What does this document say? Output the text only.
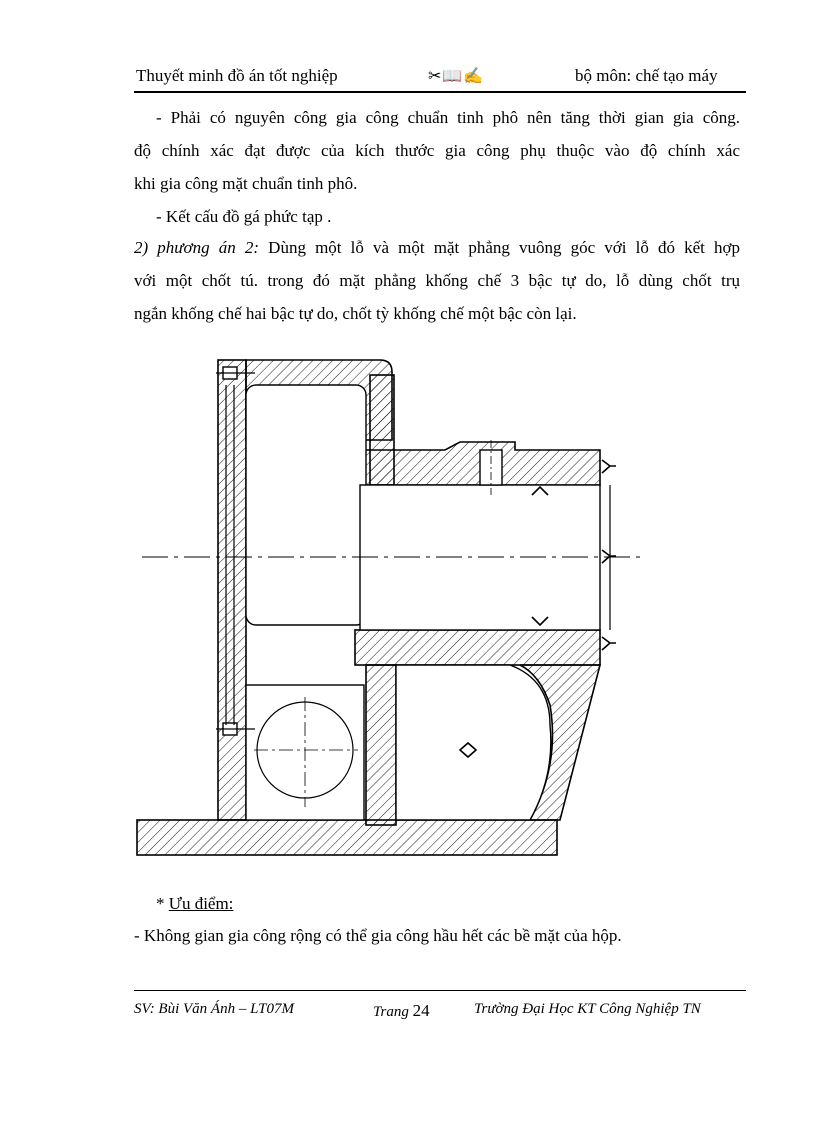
Thuyết minh đồ án tốt nghiệp	✂📖✍	bộ môn: chế tạo máy
- Phải có nguyên công gia công chuẩn tinh phô nên tăng thời gian gia công.
độ chính xác đạt được của kích thước gia công phụ thuộc vào độ chính xác
khi gia công mặt chuẩn tinh phô.
- Kết cấu đồ gá phức tạp .
2) phương án 2: Dùng một lỗ và một mặt phẳng vuông góc với lỗ đó kết hợp
với một chốt tú. trong đó mặt phẳng khống chế 3 bậc tự do, lỗ dùng chốt trụ
ngắn khống chế hai bậc tự do, chốt tỳ khống chế một bậc còn lại.
* Ưu điểm:
- Không gian gia công rộng có thể gia công hầu hết các bề mặt của hộp.
SV: Bùi Văn Ánh – LT07M	Trang 24	Trường Đại Học KT Công Nghiệp TN
